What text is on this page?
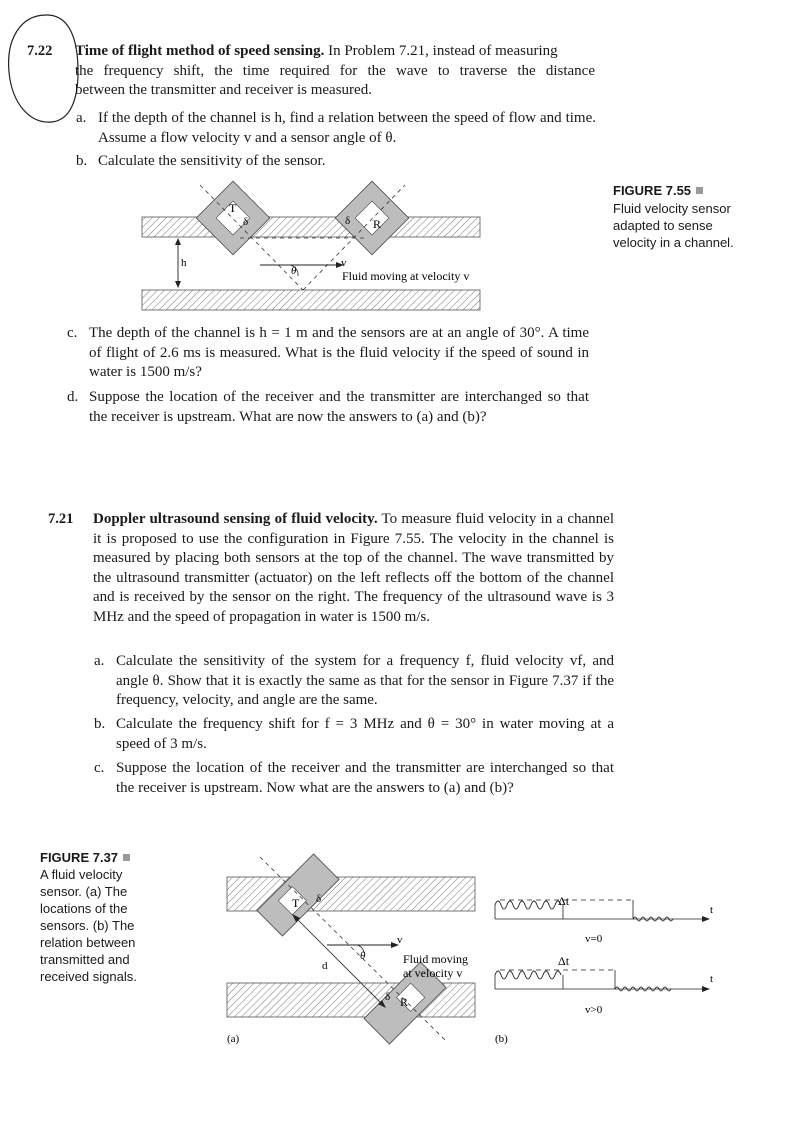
7.22 Time of flight method of speed sensing. In Problem 7.21, instead of measuring
the frequency shift, the time required for the wave to traverse the distance
between the transmitter and receiver is measured.
a. If the depth of the channel is h, find a relation between the speed of flow and time. Assume a flow velocity v and a sensor angle of θ.
b. Calculate the sensitivity of the sensor.
T
δ	δ R
h
θ
v
Fluid moving at velocity v
FIGURE 7.55
Fluid velocity sensor adapted to sense velocity in a channel.
c. The depth of the channel is h = 1 m and the sensors are at an angle of 30°. A time of flight of 2.6 ms is measured. What is the fluid velocity if the speed of sound in water is 1500 m/s?
d. Suppose the location of the receiver and the transmitter are interchanged so that the receiver is upstream. What are now the answers to (a) and (b)?
7.21 Doppler ultrasound sensing of fluid velocity. To measure fluid velocity in a channel it is proposed to use the configuration in Figure 7.55. The velocity in the channel is measured by placing both sensors at the top of the channel. The wave transmitted by the ultrasound transmitter (actuator) on the left reflects off the bottom of the channel and is received by the sensor on the right. The frequency of the ultrasound wave is 3 MHz and the speed of propagation in water is 1500 m/s.
a. Calculate the sensitivity of the system for a frequency f, fluid velocity vf, and angle θ. Show that it is exactly the same as that for the sensor in Figure 7.37 if the frequency, velocity, and angle are the same.
b. Calculate the frequency shift for f = 3 MHz and θ = 30° in water moving at a speed of 3 m/s.
c. Suppose the location of the receiver and the transmitter are interchanged so that the receiver is upstream. Now what are the answers to (a) and (b)?
FIGURE 7.37
A fluid velocity
sensor. (a) The
locations of the
sensors. (b) The
relation between
transmitted and
received signals.
T δ
δ R
d
θ
v
Fluid moving
at velocity v
(a)
Δt
t
v=0
Δt
t
v>0
(b)
